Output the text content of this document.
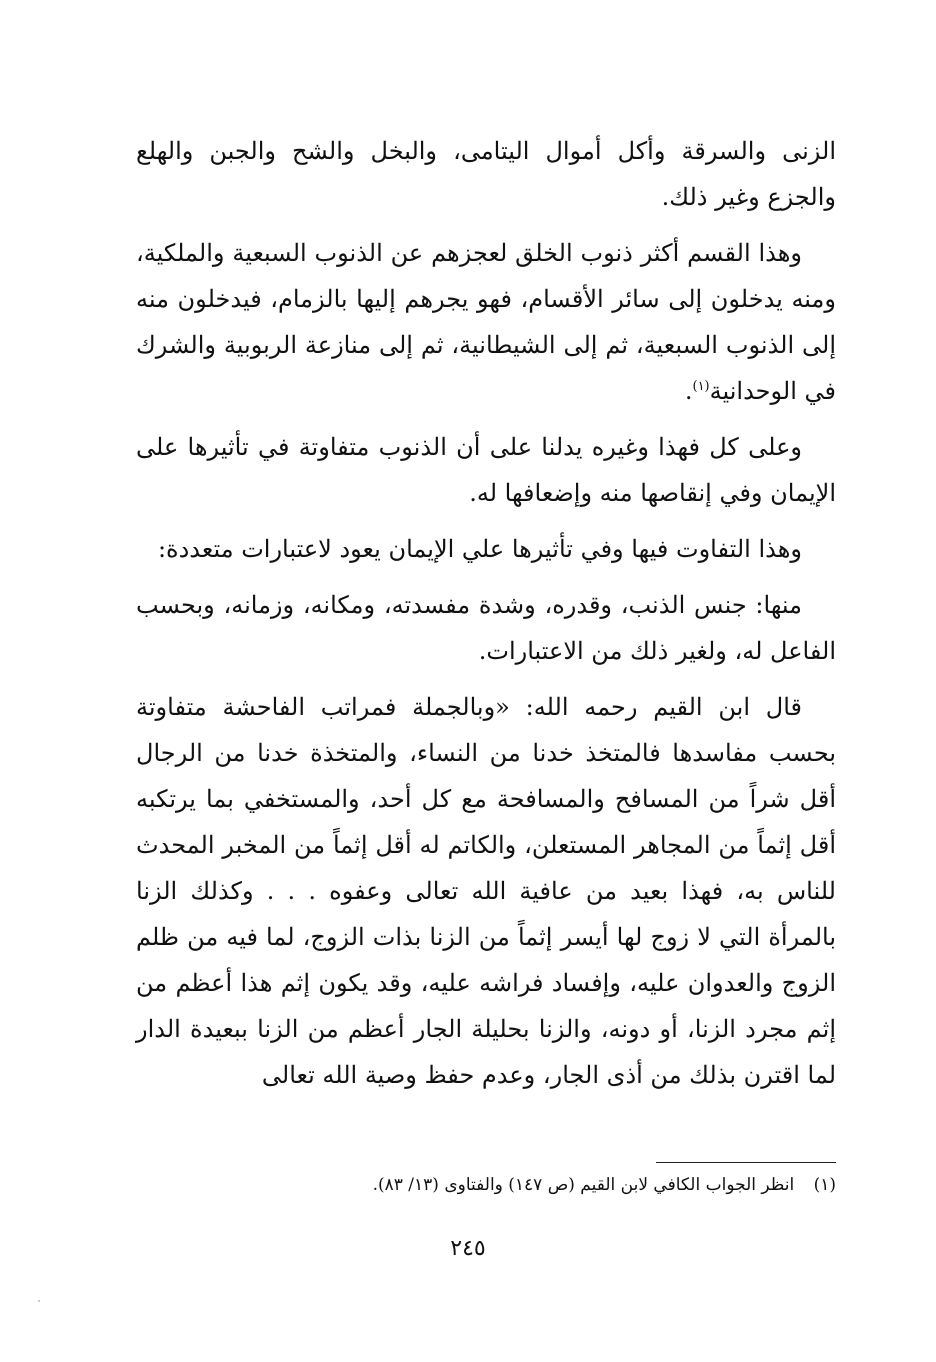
الزنى والسرقة وأكل أموال اليتامى، والبخل والشح والجبن والهلع والجزع وغير ذلك.

وهذا القسم أكثر ذنوب الخلق لعجزهم عن الذنوب السبعية والملكية، ومنه يدخلون إلى سائر الأقسام، فهو يجرهم إليها بالزمام، فيدخلون منه إلى الذنوب السبعية، ثم إلى الشيطانية، ثم إلى منازعة الربوبية والشرك في الوحدانية$^{(١)}$.

وعلى كل فهذا وغيره يدلنا على أن الذنوب متفاوتة في تأثيرها على الإيمان وفي إنقاصها منه وإضعافها له.

وهذا التفاوت فيها وفي تأثيرها علي الإيمان يعود لاعتبارات متعددة:

منها: جنس الذنب، وقدره، وشدة مفسدته، ومكانه، وزمانه، وبحسب الفاعل له، ولغير ذلك من الاعتبارات.

قال ابن القيم رحمه الله: «وبالجملة فمراتب الفاحشة متفاوتة بحسب مفاسدها فالمتخذ خدنا من النساء، والمتخذة خدنا من الرجال أقل شراً من المسافح والمسافحة مع كل أحد، والمستخفي بما يرتكبه أقل إثماً من المجاهر المستعلن، والكاتم له أقل إثماً من المخبر المحدث للناس به، فهذا بعيد من عافية الله تعالى وعفوه . . . وكذلك الزنا بالمرأة التي لا زوج لها أيسر إثماً من الزنا بذات الزوج، لما فيه من ظلم الزوج والعدوان عليه، وإفساد فراشه عليه، وقد يكون إثم هذا أعظم من إثم مجرد الزنا، أو دونه، والزنا بحليلة الجار أعظم من الزنا ببعيدة الدار لما اقترن بذلك من أذى الجار، وعدم حفظ وصية الله تعالى

(١) انظر الجواب الكافي لابن القيم (ص ١٤٧) والفتاوى (١٣/ ٨٣).
٢٤٥
